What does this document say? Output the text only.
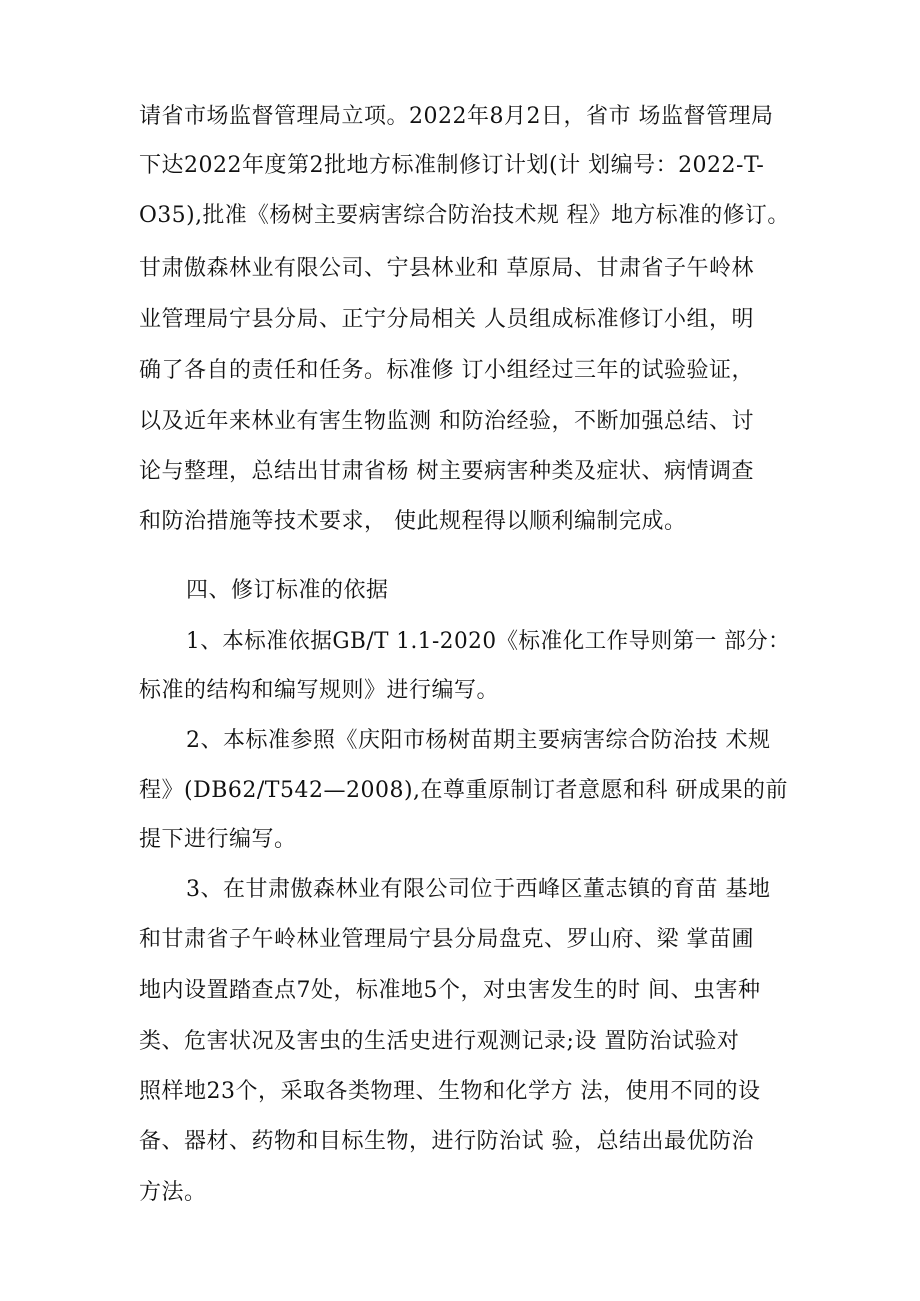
请省市场监督管理局立项。2022年8月2日，省市 场监督管理局
下达2022年度第2批地方标准制修订计划(计 划编号：2022-T-
O35),批准《杨树主要病害综合防治技术规 程》地方标准的修订。
甘肃傲森林业有限公司、宁县林业和 草原局、甘肃省子午岭林
业管理局宁县分局、正宁分局相关 人员组成标准修订小组，明
确了各自的责任和任务。标准修 订小组经过三年的试验验证，
以及近年来林业有害生物监测 和防治经验，不断加强总结、讨
论与整理，总结出甘肃省杨 树主要病害种类及症状、病情调查
和防治措施等技术要求， 使此规程得以顺利编制完成。
四、修订标准的依据
1、本标准依据GB/T 1.1-2020《标准化工作导则第一 部分：
标准的结构和编写规则》进行编写。
2、本标准参照《庆阳市杨树苗期主要病害综合防治技 术规
程》(DB62/T542—2008),在尊重原制订者意愿和科 研成果的前
提下进行编写。
3、在甘肃傲森林业有限公司位于西峰区董志镇的育苗 基地
和甘肃省子午岭林业管理局宁县分局盘克、罗山府、梁 掌苗圃
地内设置踏查点7处，标准地5个，对虫害发生的时 间、虫害种
类、危害状况及害虫的生活史进行观测记录;设 置防治试验对
照样地23个，采取各类物理、生物和化学方 法，使用不同的设
备、器材、药物和目标生物，进行防治试 验，总结出最优防治
方法。
